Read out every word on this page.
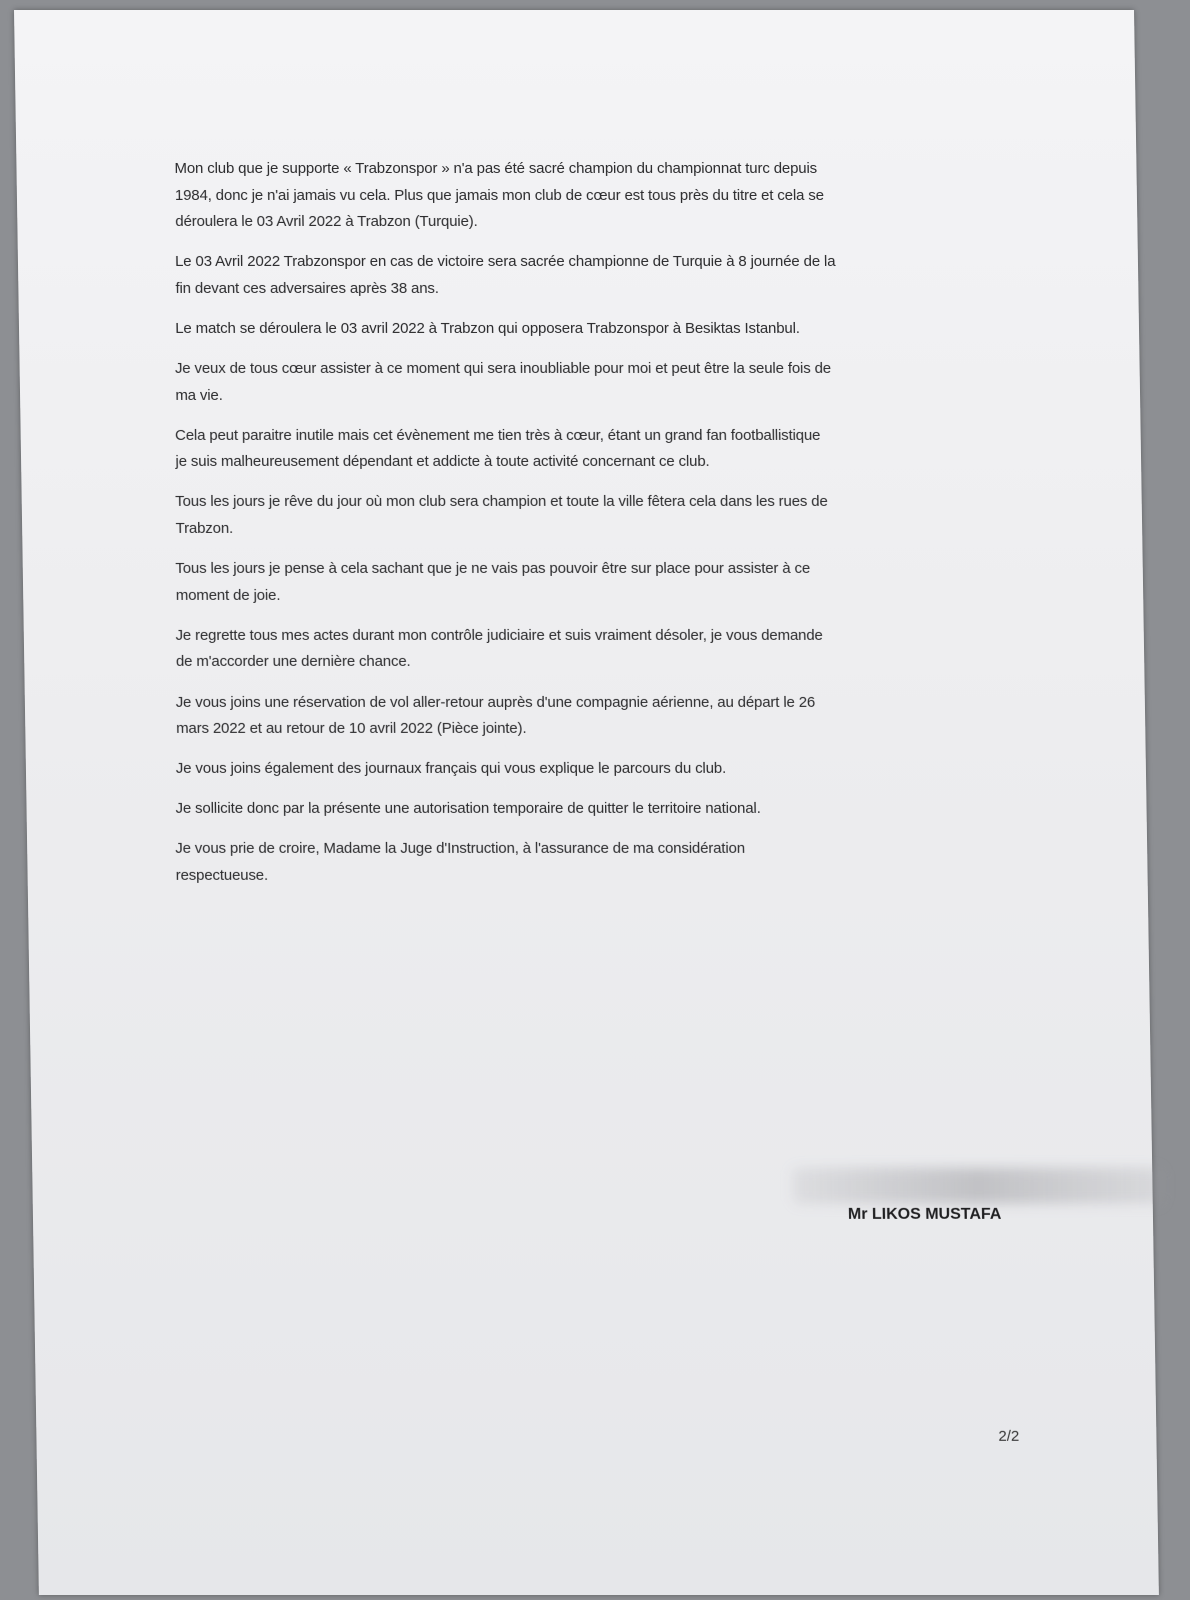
Mon club que je supporte « Trabzonspor » n'a pas été sacré champion du championnat turc depuis
1984, donc je n'ai jamais vu cela. Plus que jamais mon club de cœur est tous près du titre et cela se
déroulera le 03 Avril 2022 à Trabzon (Turquie).

Le 03 Avril 2022 Trabzonspor en cas de victoire sera sacrée championne de Turquie à 8 journée de la
fin devant ces adversaires après 38 ans.

Le match se déroulera le 03 avril 2022 à Trabzon qui opposera Trabzonspor à Besiktas Istanbul.

Je veux de tous cœur assister à ce moment qui sera inoubliable pour moi et peut être la seule fois de
ma vie.

Cela peut paraitre inutile mais cet évènement me tien très à cœur, étant un grand fan footballistique
je suis malheureusement dépendant et addicte à toute activité concernant ce club.

Tous les jours je rêve du jour où mon club sera champion et toute la ville fêtera cela dans les rues de
Trabzon.

Tous les jours je pense à cela sachant que je ne vais pas pouvoir être sur place pour assister à ce
moment de joie.

Je regrette tous mes actes durant mon contrôle judiciaire et suis vraiment désoler, je vous demande
de m'accorder une dernière chance.

Je vous joins une réservation de vol aller-retour auprès d'une compagnie aérienne, au départ le 26
mars 2022 et au retour de 10 avril 2022 (Pièce jointe).

Je vous joins également des journaux français qui vous explique le parcours du club.

Je sollicite donc par la présente une autorisation temporaire de quitter le territoire national.

Je vous prie de croire, Madame la Juge d'Instruction, à l'assurance de ma considération
respectueuse.

Mr LIKOS MUSTAFA
2/2
